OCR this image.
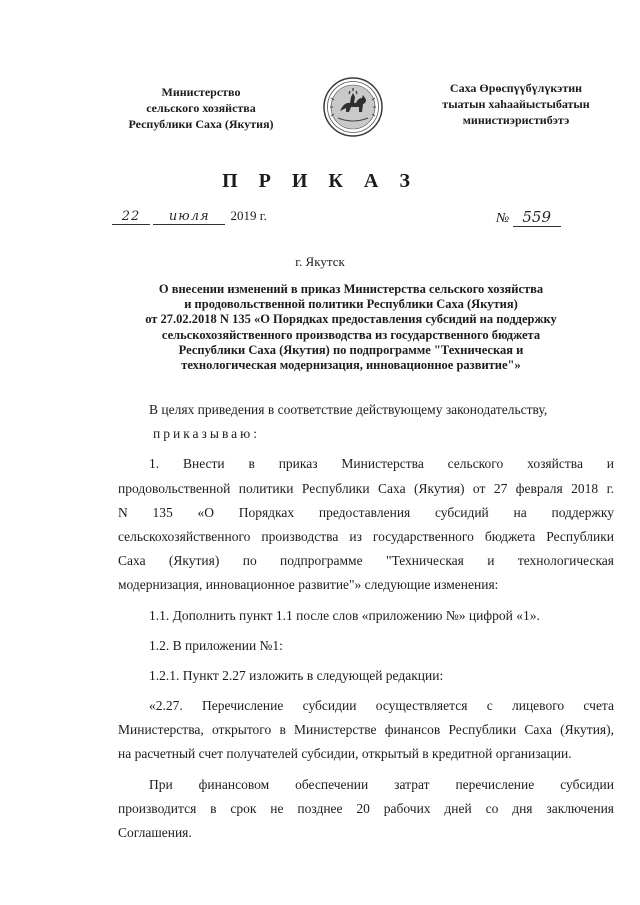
Министерство
сельского хозяйства
Республики Саха (Якутия)
Саха Өрөспүүбүлүкэтин
тыатын хаһаайыстыбатын
министиэристибэтэ
П Р И К А З
22 июля 2019 г.	№ 559
г. Якутск
О внесении изменений в приказ Министерства сельского хозяйства
и продовольственной политики Республики Саха (Якутия)
от 27.02.2018 N 135 «О Порядках предоставления субсидий на поддержку
сельскохозяйственного производства из государственного бюджета
Республики Саха (Якутия) по подпрограмме "Техническая и
технологическая модернизация, инновационное развитие"»
В целях приведения в соответствие действующему законодательству,
приказываю:
1. Внести в приказ Министерства сельского хозяйства и
продовольственной политики Республики Саха (Якутия) от 27 февраля 2018 г.
N 135 «О Порядках предоставления субсидий на поддержку
сельскохозяйственного производства из государственного бюджета Республики
Саха (Якутия) по подпрограмме "Техническая и технологическая
модернизация, инновационное развитие"» следующие изменения:
1.1. Дополнить пункт 1.1 после слов «приложению №» цифрой «1».
1.2. В приложении №1:
1.2.1. Пункт 2.27 изложить в следующей редакции:
«2.27. Перечисление субсидии осуществляется с лицевого счета
Министерства, открытого в Министерстве финансов Республики Саха (Якутия),
на расчетный счет получателей субсидии, открытый в кредитной организации.
При финансовом обеспечении затрат перечисление субсидии
производится в срок не позднее 20 рабочих дней со дня заключения
Соглашения.
